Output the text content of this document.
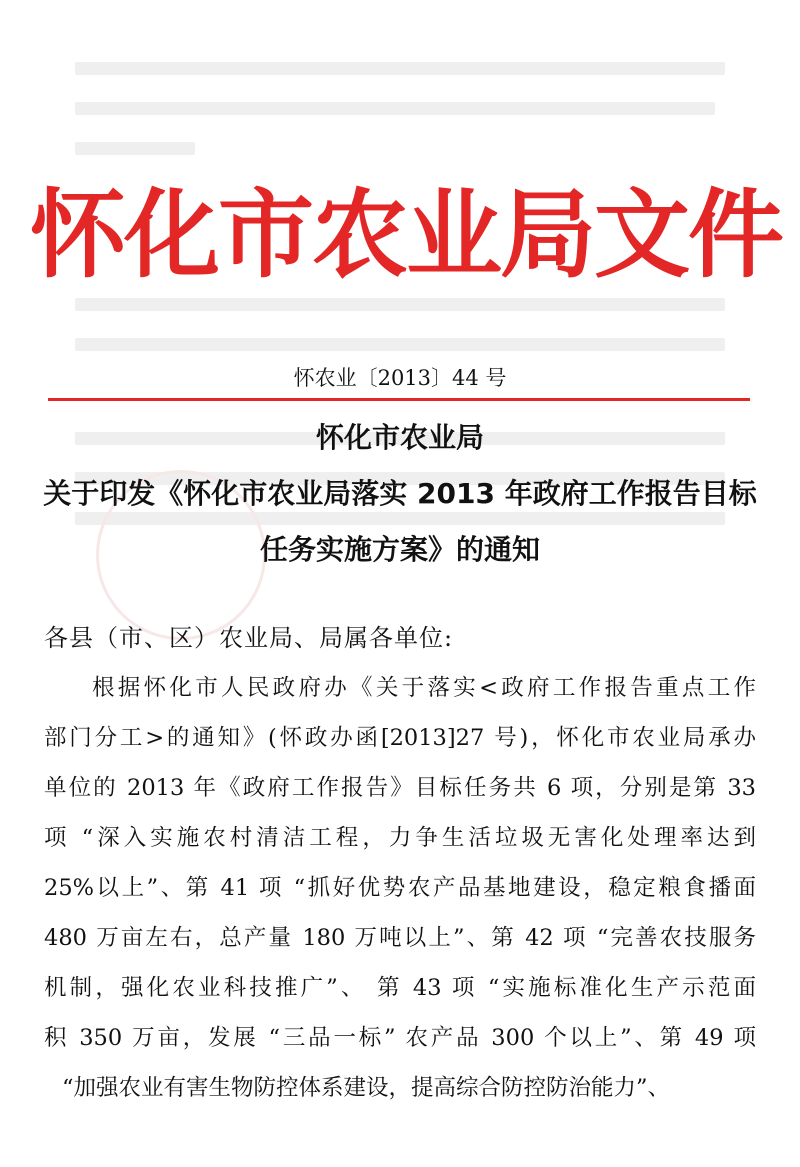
怀化市农业局文件
怀农业〔2013〕44 号
怀化市农业局
关于印发《怀化市农业局落实 2013 年政府工作报告目标
任务实施方案》的通知
各县（市、区）农业局、局属各单位:
根据怀化市人民政府办《关于落实<政府工作报告重点工作
部门分工>的通知》(怀政办函[2013]27 号)，怀化市农业局承办
单位的 2013 年《政府工作报告》目标任务共 6 项，分别是第 33
项 “深入实施农村清洁工程，力争生活垃圾无害化处理率达到
25%以上”、第 41 项 “抓好优势农产品基地建设，稳定粮食播面
480 万亩左右，总产量 180 万吨以上”、第 42 项 “完善农技服务
机制，强化农业科技推广”、 第 43 项 “实施标准化生产示范面
积 350 万亩，发展 “三品一标” 农产品 300 个以上”、第 49 项
“加强农业有害生物防控体系建设，提高综合防控防治能力”、
